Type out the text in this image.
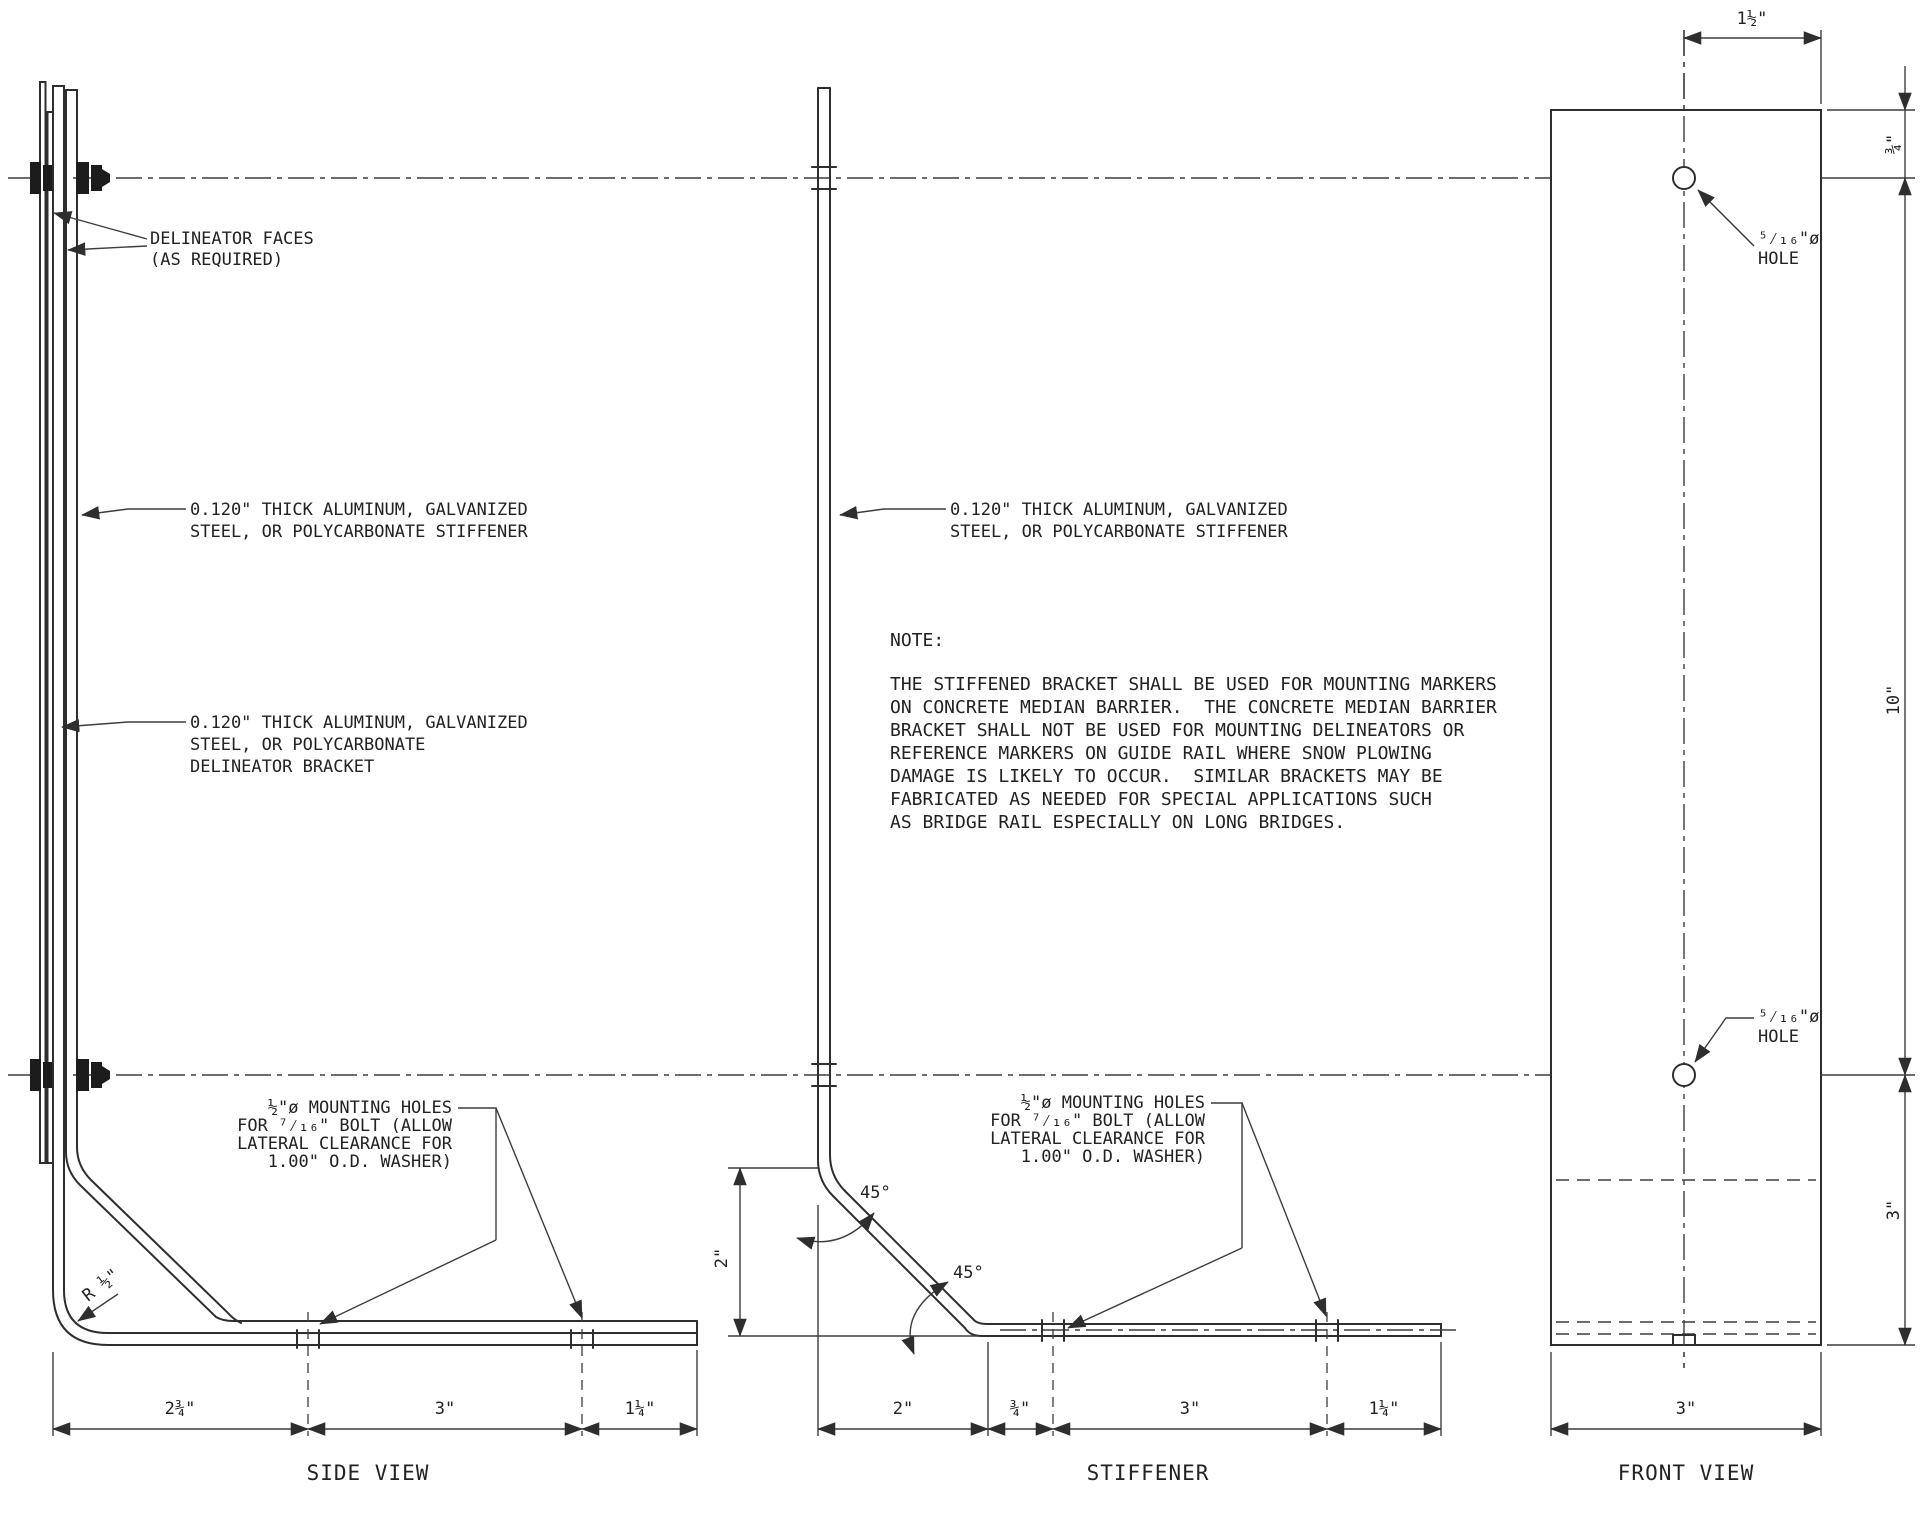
2¾"	3"	1¼"
DELINEATOR FACES
(AS REQUIRED)
0.120" THICK ALUMINUM, GALVANIZED
STEEL, OR POLYCARBONATE STIFFENER
0.120" THICK ALUMINUM, GALVANIZED
STEEL, OR POLYCARBONATE
DELINEATOR BRACKET
½"ø MOUNTING HOLES
FOR ⁷⁄₁₆" BOLT (ALLOW
LATERAL CLEARANCE FOR
1.00" O.D. WASHER)
R ½"
SIDE VIEW
45°
45°
2"
0.120" THICK ALUMINUM, GALVANIZED
STEEL, OR POLYCARBONATE STIFFENER
½"ø MOUNTING HOLES
FOR ⁷⁄₁₆" BOLT (ALLOW
LATERAL CLEARANCE FOR
1.00" O.D. WASHER)
2"	¾"	3"	1¼"
STIFFENER
NOTE:
THE STIFFENED BRACKET SHALL BE USED FOR MOUNTING MARKERS
ON CONCRETE MEDIAN BARRIER.  THE CONCRETE MEDIAN BARRIER
BRACKET SHALL NOT BE USED FOR MOUNTING DELINEATORS OR
REFERENCE MARKERS ON GUIDE RAIL WHERE SNOW PLOWING
DAMAGE IS LIKELY TO OCCUR.  SIMILAR BRACKETS MAY BE
FABRICATED AS NEEDED FOR SPECIAL APPLICATIONS SUCH
AS BRIDGE RAIL ESPECIALLY ON LONG BRIDGES.
1½"
¾"
10"
3"
⁵⁄₁₆"ø
HOLE
⁵⁄₁₆"ø
HOLE
3"
FRONT VIEW
